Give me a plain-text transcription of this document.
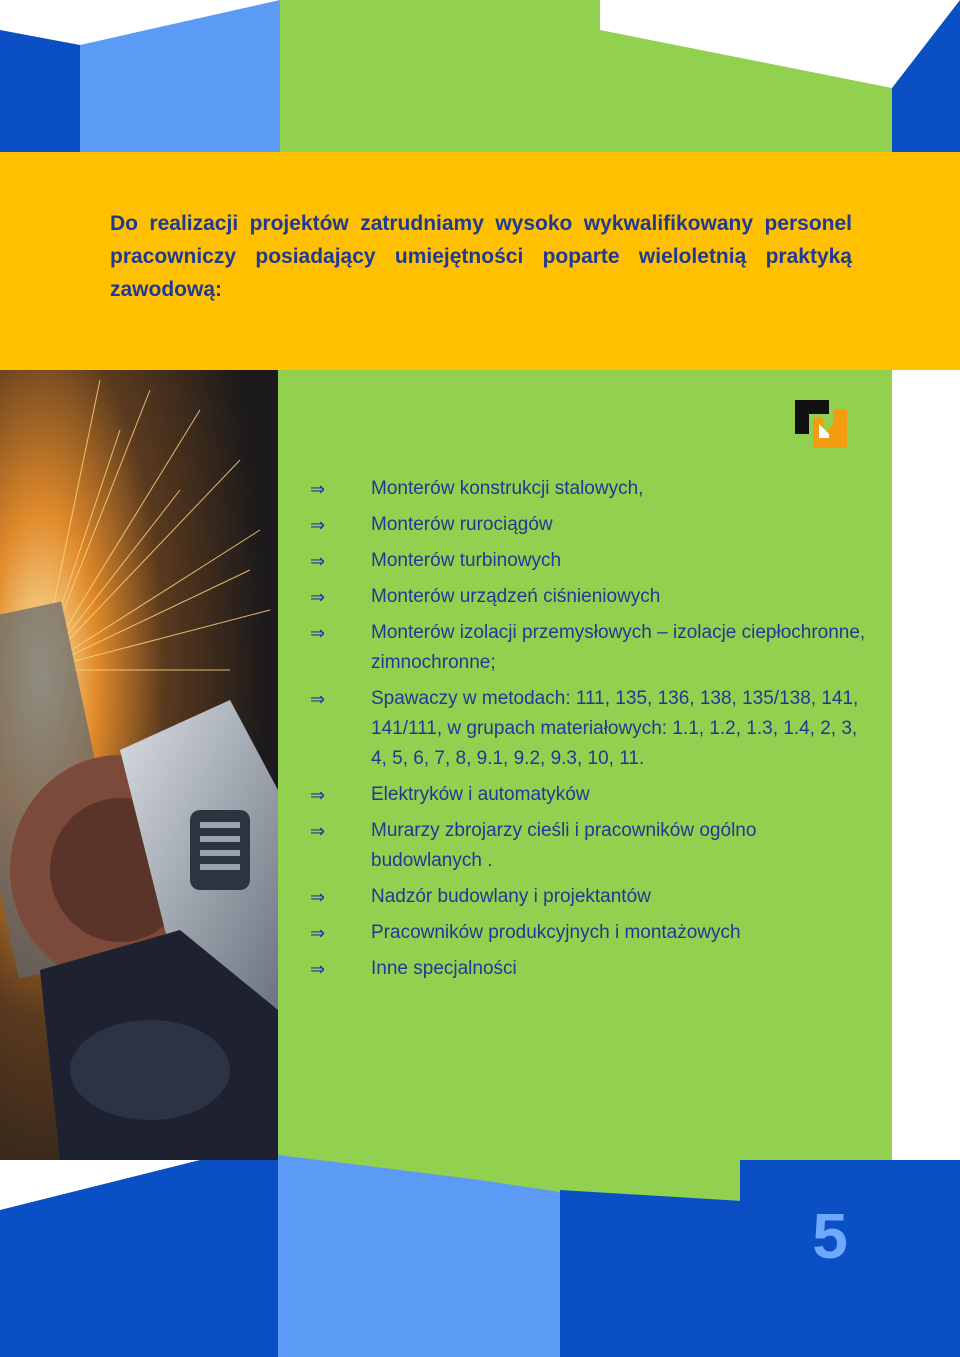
Do realizacji projektów zatrudniamy wysoko wykwalifikowany personel pracowniczy posiadający umiejętności poparte wieloletnią praktyką zawodową:

⇒	Monterów konstrukcji stalowych,
⇒	Monterów rurociągów
⇒	Monterów turbinowych
⇒	Monterów urządzeń ciśnieniowych
⇒	Monterów izolacji przemysłowych – izolacje ciepłochronne, zimnochronne;
⇒	Spawaczy w metodach: 111, 135, 136, 138, 135/138, 141, 141/111, w grupach materiałowych: 1.1, 1.2, 1.3, 1.4, 2, 3, 4, 5, 6, 7, 8, 9.1, 9.2, 9.3, 10, 11.
⇒	Elektryków i automatyków
⇒	Murarzy zbrojarzy cieśli i pracowników ogólno budowlanych .
⇒	Nadzór budowlany i projektantów
⇒	Pracowników produkcyjnych i montażowych
⇒	Inne specjalności
5
